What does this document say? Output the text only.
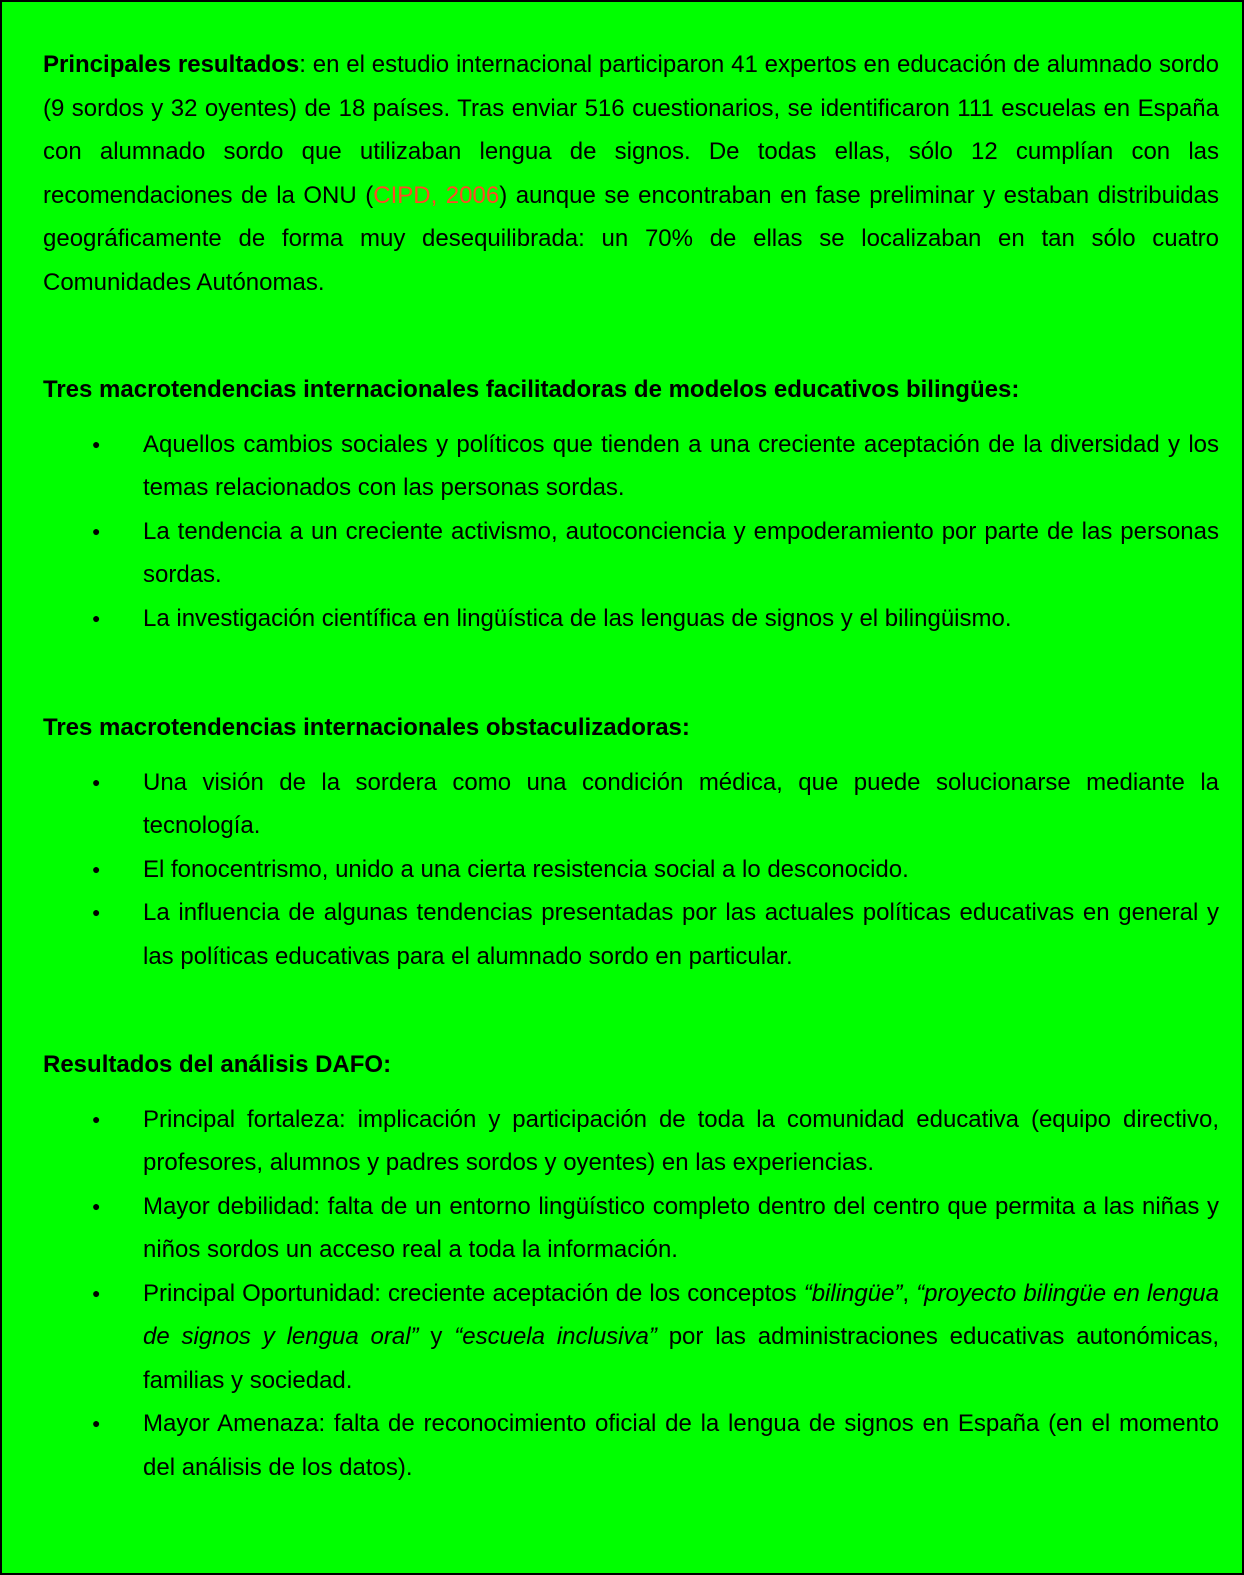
Principales resultados: en el estudio internacional participaron 41 expertos en educación de alumnado sordo (9 sordos y 32 oyentes) de 18 países. Tras enviar 516 cuestionarios, se identificaron 111 escuelas en España con alumnado sordo que utilizaban lengua de signos. De todas ellas, sólo 12 cumplían con las recomendaciones de la ONU (CIPD, 2006) aunque se encontraban en fase preliminar y estaban distribuidas geográficamente de forma muy desequilibrada: un 70% de ellas se localizaban en tan sólo cuatro Comunidades Autónomas.

Tres macrotendencias internacionales facilitadoras de modelos educativos bilingües:
● Aquellos cambios sociales y políticos que tienden a una creciente aceptación de la diversidad y los temas relacionados con las personas sordas.
● La tendencia a un creciente activismo, autoconciencia y empoderamiento por parte de las personas sordas.
● La investigación científica en lingüística de las lenguas de signos y el bilingüismo.
Tres macrotendencias internacionales obstaculizadoras:
● Una visión de la sordera como una condición médica, que puede solucionarse mediante la tecnología.
● El fonocentrismo, unido a una cierta resistencia social a lo desconocido.
● La influencia de algunas tendencias presentadas por las actuales políticas educativas en general y las políticas educativas para el alumnado sordo en particular.
Resultados del análisis DAFO:
● Principal fortaleza: implicación y participación de toda la comunidad educativa (equipo directivo, profesores, alumnos y padres sordos y oyentes) en las experiencias.
● Mayor debilidad: falta de un entorno lingüístico completo dentro del centro que permita a las niñas y niños sordos un acceso real a toda la información.
● Principal Oportunidad: creciente aceptación de los conceptos “bilingüe”, “proyecto bilingüe en lengua de signos y lengua oral” y “escuela inclusiva” por las administraciones educativas autonómicas, familias y sociedad.
● Mayor Amenaza: falta de reconocimiento oficial de la lengua de signos en España (en el momento del análisis de los datos).
